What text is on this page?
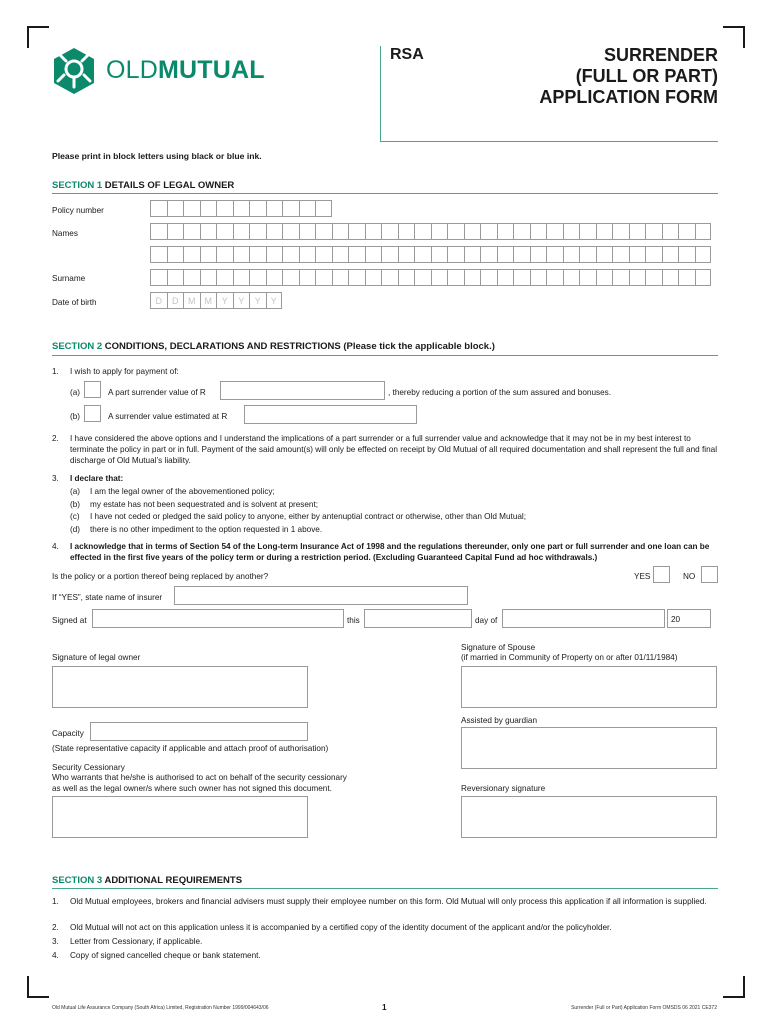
OLDMUTUAL
RSA	SURRENDER
(FULL OR PART)
APPLICATION FORM
Please print in block letters using black or blue ink.
SECTION 1 DETAILS OF LEGAL OWNER
Policy number
Names
Surname
Date of birth	D	D	M	M	Y	Y	Y	Y
SECTION 2 CONDITIONS, DECLARATIONS AND RESTRICTIONS (Please tick the applicable block.)
1. I wish to apply for payment of:
(a)	A part surrender value of R	, thereby reducing a portion of the sum assured and bonuses.
(b)	A surrender value estimated at R
2. I have considered the above options and I understand the implications of a part surrender or a full surrender value and acknowledge that it may not be in my best interest to terminate the policy in part or in full. Payment of the said amount(s) will only be effected on receipt by Old Mutual of all required documentation and shall represent the full and final discharge of Old Mutual’s liability.
3. I declare that:
(a) I am the legal owner of the abovementioned policy;
(b) my estate has not been sequestrated and is solvent at present;
(c) I have not ceded or pledged the said policy to anyone, either by antenuptial contract or otherwise, other than Old Mutual;
(d) there is no other impediment to the option requested in 1 above.
4. I acknowledge that in terms of Section 54 of the Long-term Insurance Act of 1998 and the regulations thereunder, only one part or full surrender and one loan can be effected in the first five years of the policy term or during a restriction period. (Excluding Guaranteed Capital Fund ad hoc withdrawals.)
Is the policy or a portion thereof being replaced by another?	YES	NO
If “YES”, state name of insurer
Signed at	this	day of	20
Signature of legal owner
Signature of Spouse
(if married in Community of Property on or after 01/11/1984)
Capacity
(State representative capacity if applicable and attach proof of authorisation)
Assisted by guardian
Security Cessionary
Who warrants that he/she is authorised to act on behalf of the security cessionary
as well as the legal owner/s where such owner has not signed this document.	Reversionary signature
SECTION 3 ADDITIONAL REQUIREMENTS
1. Old Mutual employees, brokers and financial advisers must supply their employee number on this form. Old Mutual will only process this application if all information is supplied.
2. Old Mutual will not act on this application unless it is accompanied by a certified copy of the identity document of the applicant and/or the policyholder.
3. Letter from Cessionary, if applicable.
4. Copy of signed cancelled cheque or bank statement.
Old Mutual Life Assurance Company (South Africa) Limited, Registration Number 1999/004643/06	1	Surrender (Full or Part) Application Form OMSDS 06 2021 CE372
